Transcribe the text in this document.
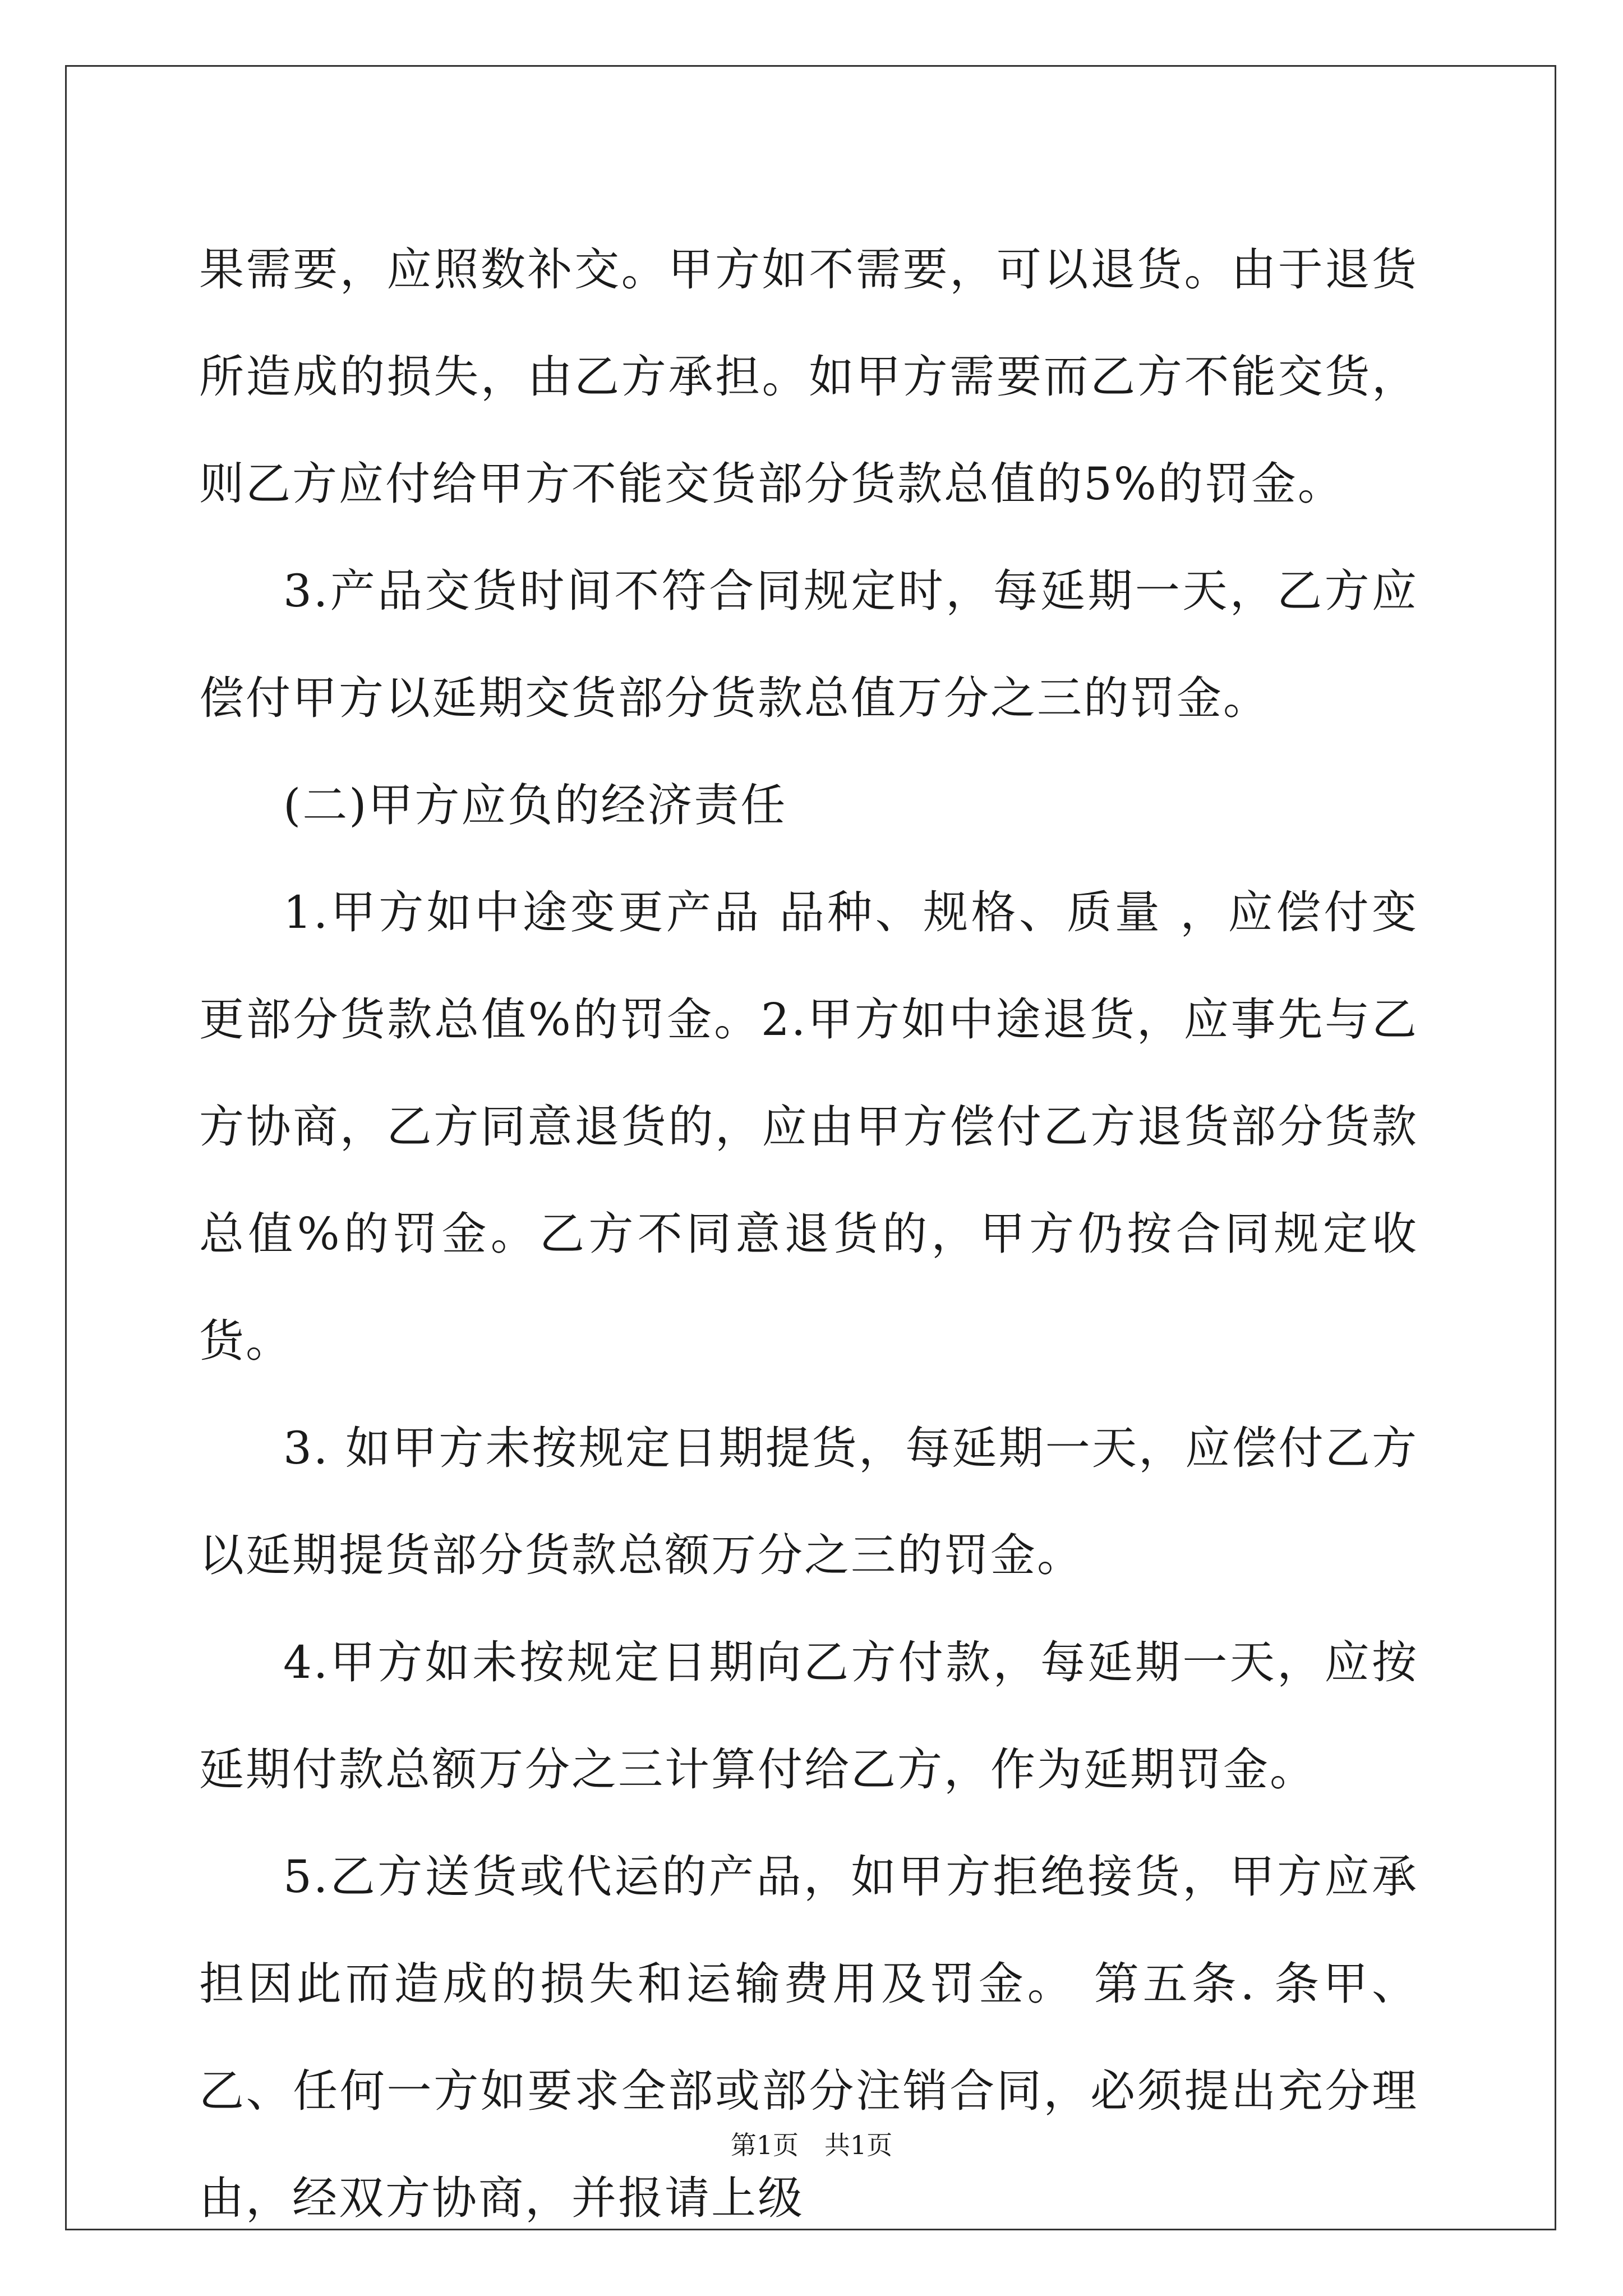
果需要，应照数补交。甲方如不需要，可以退货。由于退货所造成的损失，由乙方承担。如甲方需要而乙方不能交货，则乙方应付给甲方不能交货部分货款总值的5%的罚金。

3.产品交货时间不符合同规定时，每延期一天，乙方应偿付甲方以延期交货部分货款总值万分之三的罚金。

(二)甲方应负的经济责任

1.甲方如中途变更产品 品种、规格、质量 ，应偿付变更部分货款总值%的罚金。2.甲方如中途退货，应事先与乙方协商，乙方同意退货的，应由甲方偿付乙方退货部分货款总值%的罚金。乙方不同意退货的，甲方仍按合同规定收货。

3. 如甲方未按规定日期提货，每延期一天，应偿付乙方以延期提货部分货款总额万分之三的罚金。

4.甲方如未按规定日期向乙方付款，每延期一天，应按延期付款总额万分之三计算付给乙方，作为延期罚金。

5.乙方送货或代运的产品，如甲方拒绝接货，甲方应承担因此而造成的损失和运输费用及罚金。 第五条. 条甲、乙、任何一方如要求全部或部分注销合同，必须提出充分理由，经双方协商，并报请上级

第1页 共1页
